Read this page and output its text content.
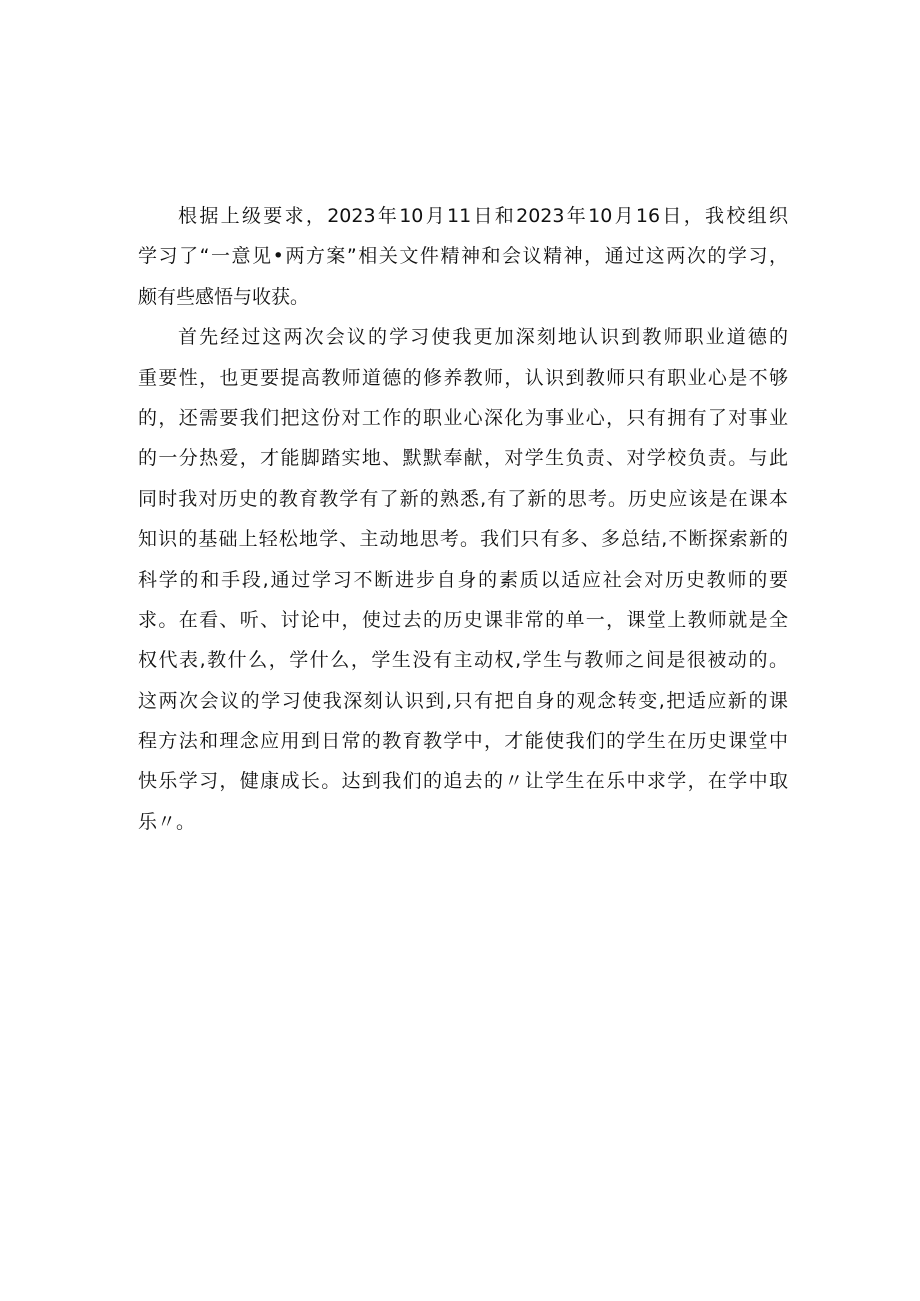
根据上级要求，2023年10月11日和2023年10月16日，我校组织
学习了“一意见•两方案”相关文件精神和会议精神，通过这两次的学习，
颇有些感悟与收获。
首先经过这两次会议的学习使我更加深刻地认识到教师职业道德的
重要性，也更要提高教师道德的修养教师，认识到教师只有职业心是不够
的，还需要我们把这份对工作的职业心深化为事业心，只有拥有了对事业
的一分热爱，才能脚踏实地、默默奉献，对学生负责、对学校负责。与此
同时我对历史的教育教学有了新的熟悉,有了新的思考。历史应该是在课本
知识的基础上轻松地学、主动地思考。我们只有多、多总结,不断探索新的
科学的和手段,通过学习不断进步自身的素质以适应社会对历史教师的要
求。在看、听、讨论中，使过去的历史课非常的单一，课堂上教师就是全
权代表,教什么，学什么，学生没有主动权,学生与教师之间是很被动的。
这两次会议的学习使我深刻认识到,只有把自身的观念转变,把适应新的课
程方法和理念应用到日常的教育教学中，才能使我们的学生在历史课堂中
快乐学习，健康成长。达到我们的追去的〃让学生在乐中求学，在学中取
乐〃。
